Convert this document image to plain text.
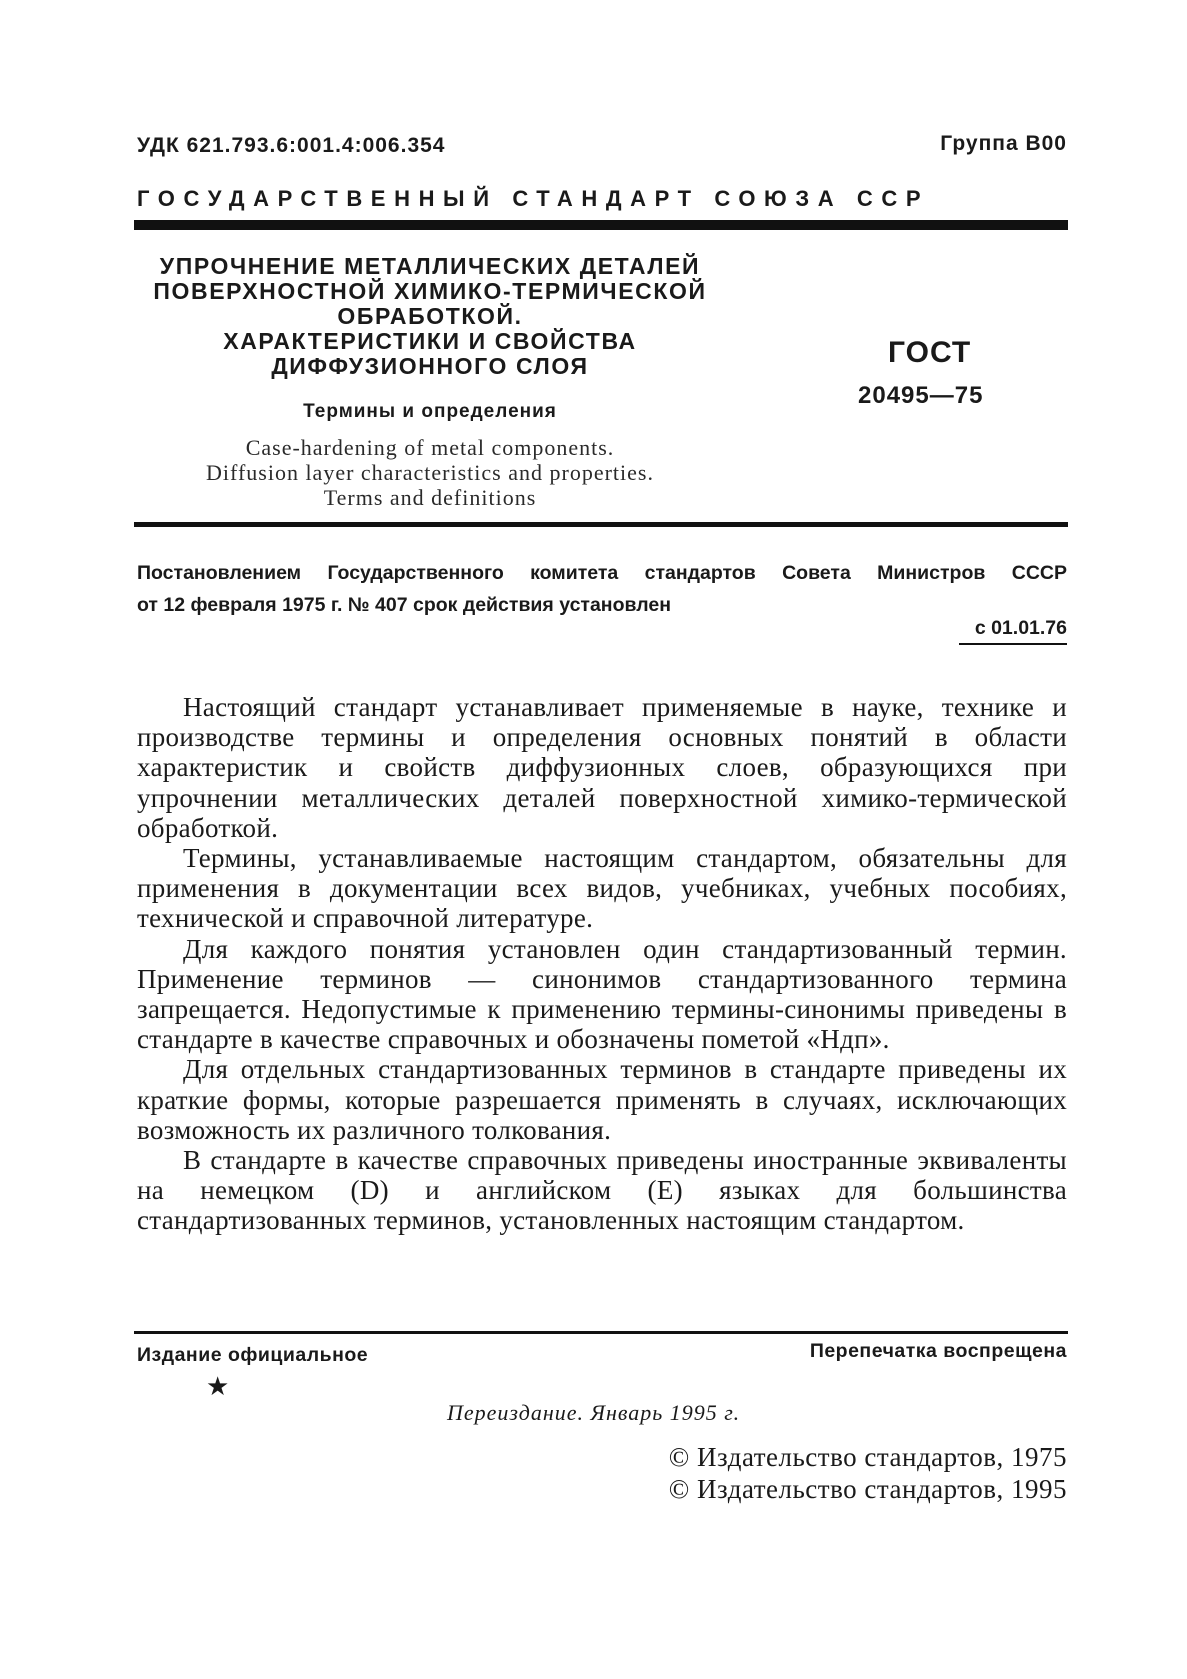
УДК 621.793.6:001.4:006.354	Группа В00
ГОСУДАРСТВЕННЫЙ СТАНДАРТ СОЮЗА ССР
УПРОЧНЕНИЕ МЕТАЛЛИЧЕСКИХ ДЕТАЛЕЙ
ПОВЕРХНОСТНОЙ ХИМИКО-ТЕРМИЧЕСКОЙ
ОБРАБОТКОЙ.
ХАРАКТЕРИСТИКИ И СВОЙСТВА
ДИФФУЗИОННОГО СЛОЯ
Термины и определения
Case-hardening of metal components.
Diffusion layer characteristics and properties.
Terms and definitions
ГОСТ
20495—75
Постановлением Государственного комитета стандартов Совета Министров СССР
от 12 февраля 1975 г. № 407 срок действия установлен
с 01.01.76

Настоящий стандарт устанавливает применяемые в науке, технике и производстве термины и определения основных понятий в области характеристик и свойств диффузионных слоев, образующихся при упрочнении металлических деталей поверхностной химико-термической обработкой.

Термины, устанавливаемые настоящим стандартом, обязательны для применения в документации всех видов, учебниках, учебных пособиях, технической и справочной литературе.

Для каждого понятия установлен один стандартизованный термин. Применение терминов — синонимов стандартизованного термина запрещается. Недопустимые к применению термины-синонимы приведены в стандарте в качестве справочных и обозначены пометой «Ндп».

Для отдельных стандартизованных терминов в стандарте приведены их краткие формы, которые разрешается применять в случаях, исключающих возможность их различного толкования.

В стандарте в качестве справочных приведены иностранные эквиваленты на немецком (D) и английском (E) языках для большинства стандартизованных терминов, установленных настоящим стандартом.

Издание официальное	Перепечатка воспрещена
★
Переиздание. Январь 1995 г.
© Издательство стандартов, 1975
© Издательство стандартов, 1995
